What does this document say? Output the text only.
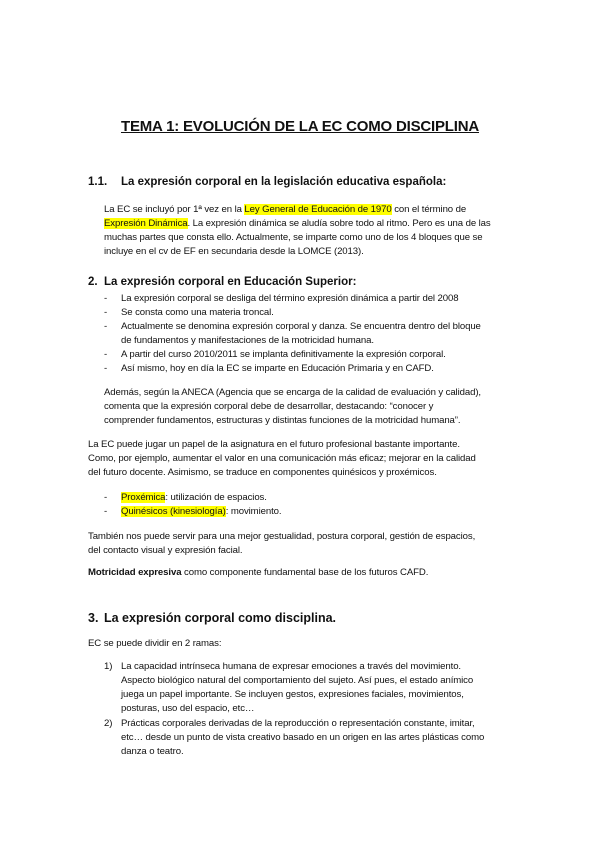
TEMA 1: EVOLUCIÓN DE LA EC COMO DISCIPLINA
1.1. La expresión corporal en la legislación educativa española:
La EC se incluyó por 1ª vez en la Ley General de Educación de 1970 con el término de
Expresión Dinámica. La expresión dinámica se aludía sobre todo al ritmo. Pero es una de las
muchas partes que consta ello. Actualmente, se imparte como uno de los 4 bloques que se
incluye en el cv de EF en secundaria desde la LOMCE (2013).
2. La expresión corporal en Educación Superior:
- La expresión corporal se desliga del término expresión dinámica a partir del 2008
- Se consta como una materia troncal.
- Actualmente se denomina expresión corporal y danza. Se encuentra dentro del bloque
de fundamentos y manifestaciones de la motricidad humana.
- A partir del curso 2010/2011 se implanta definitivamente la expresión corporal.
- Así mismo, hoy en día la EC se imparte en Educación Primaria y en CAFD.
Además, según la ANECA (Agencia que se encarga de la calidad de evaluación y calidad),
comenta que la expresión corporal debe de desarrollar, destacando: “conocer y
comprender fundamentos, estructuras y distintas funciones de la motricidad humana”.
La EC puede jugar un papel de la asignatura en el futuro profesional bastante importante.
Como, por ejemplo, aumentar el valor en una comunicación más eficaz; mejorar en la calidad
del futuro docente. Asimismo, se traduce en componentes quinésicos y proxémicos.
- Proxémica: utilización de espacios.
- Quinésicos (kinesiología): movimiento.
También nos puede servir para una mejor gestualidad, postura corporal, gestión de espacios,
del contacto visual y expresión facial.
Motricidad expresiva como componente fundamental base de los futuros CAFD.
3. La expresión corporal como disciplina.
EC se puede dividir en 2 ramas:
1) La capacidad intrínseca humana de expresar emociones a través del movimiento.
Aspecto biológico natural del comportamiento del sujeto. Así pues, el estado anímico
juega un papel importante. Se incluyen gestos, expresiones faciales, movimientos,
posturas, uso del espacio, etc…
2) Prácticas corporales derivadas de la reproducción o representación constante, imitar,
etc… desde un punto de vista creativo basado en un origen en las artes plásticas como
danza o teatro.
